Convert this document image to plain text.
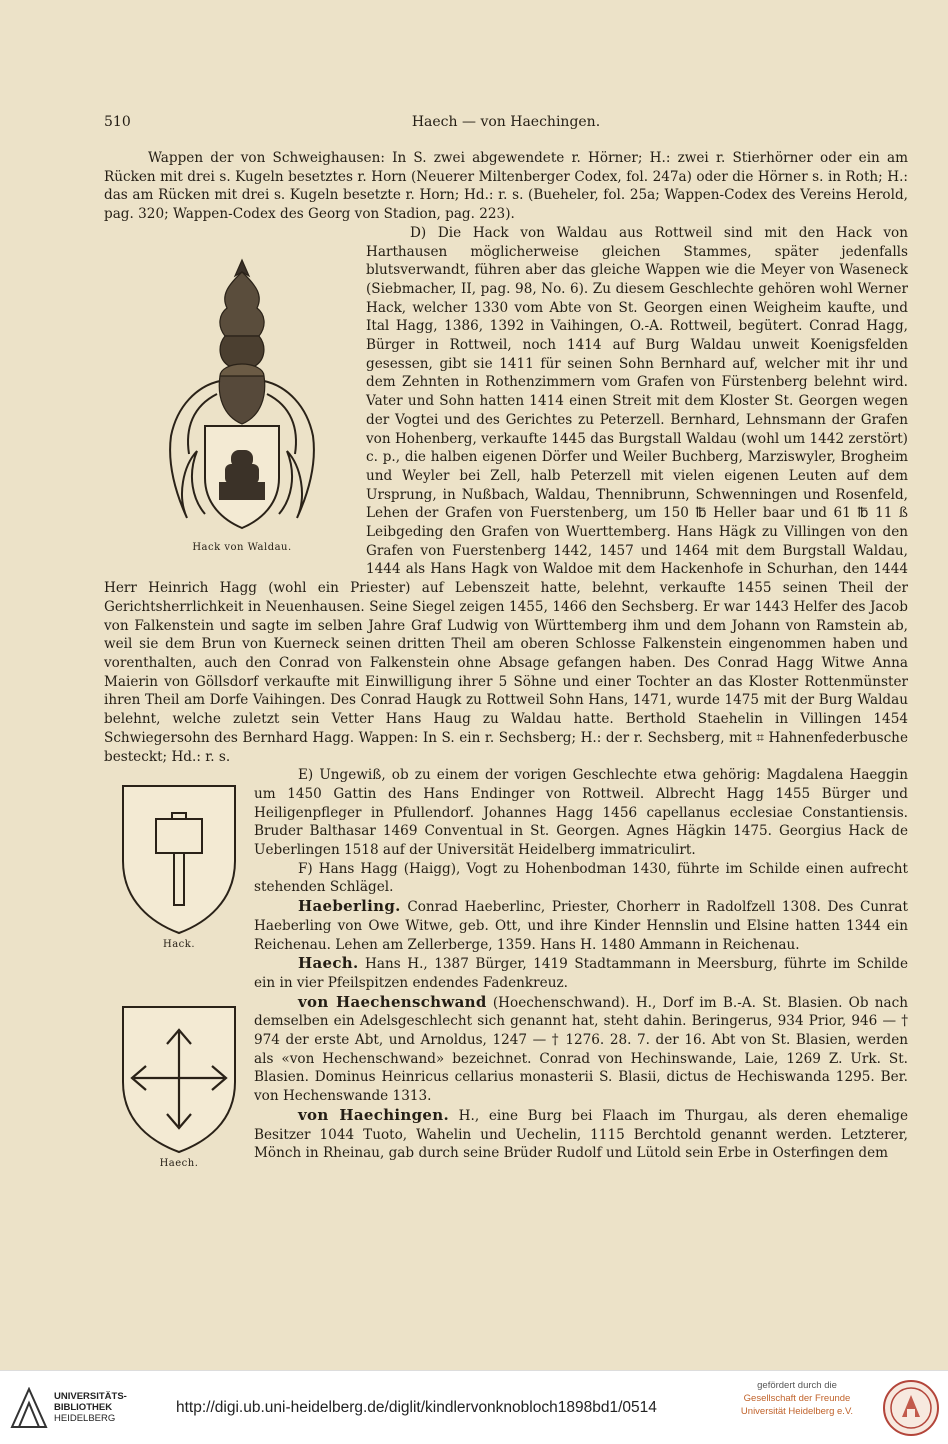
510	Haech — von Haechingen.

Wappen der von Schweighausen: In S. zwei abgewendete r. Hörner; H.: zwei r. Stierhörner oder ein am Rücken mit drei s. Kugeln besetztes r. Horn (Neuerer Miltenberger Codex, fol. 247a) oder die Hörner s. in Roth; H.: das am Rücken mit drei s. Kugeln besetzte r. Horn; Hd.: r. s. (Bueheler, fol. 25a; Wappen-Codex des Vereins Herold, pag. 320; Wappen-Codex des Georg von Stadion, pag. 223).

Hack von Waldau.

D) Die Hack von Waldau aus Rottweil sind mit den Hack von Harthausen möglicherweise gleichen Stammes, später jedenfalls blutsverwandt, führen aber das gleiche Wappen wie die Meyer von Waseneck (Siebmacher, II, pag. 98, No. 6). Zu diesem Geschlechte gehören wohl Werner Hack, welcher 1330 vom Abte von St. Georgen einen Weigheim kaufte, und Ital Hagg, 1386, 1392 in Vaihingen, O.-A. Rottweil, begütert. Conrad Hagg, Bürger in Rottweil, noch 1414 auf Burg Waldau unweit Koenigsfelden gesessen, gibt sie 1411 für seinen Sohn Bernhard auf, welcher mit ihr und dem Zehnten in Rothenzimmern vom Grafen von Fürstenberg belehnt wird. Vater und Sohn hatten 1414 einen Streit mit dem Kloster St. Georgen wegen der Vogtei und des Gerichtes zu Peterzell. Bernhard, Lehnsmann der Grafen von Hohenberg, verkaufte 1445 das Burgstall Waldau (wohl um 1442 zerstört) c. p., die halben eigenen Dörfer und Weiler Buchberg, Marziswyler, Brogheim und Weyler bei Zell, halb Peterzell mit vielen eigenen Leuten auf dem Ursprung, in Nußbach, Waldau, Thennibrunn, Schwenningen und Rosenfeld, Lehen der Grafen von Fuerstenberg, um 150 ℔ Heller baar und 61 ℔ 11 ß Leibgeding den Grafen von Wuerttemberg. Hans Hägk zu Villingen von den Grafen von Fuerstenberg 1442, 1457 und 1464 mit dem Burgstall Waldau, 1444 als Hans Hagk von Waldoe mit dem Hackenhofe in Schurhan, den 1444 Herr Heinrich Hagg (wohl ein Priester) auf Lebenszeit hatte, belehnt, verkaufte 1455 seinen Theil der Gerichtsherrlichkeit in Neuenhausen. Seine Siegel zeigen 1455, 1466 den Sechsberg. Er war 1443 Helfer des Jacob von Falkenstein und sagte im selben Jahre Graf Ludwig von Württemberg ihm und dem Johann von Ramstein ab, weil sie dem Brun von Kuerneck seinen dritten Theil am oberen Schlosse Falkenstein eingenommen haben und vorenthalten, auch den Conrad von Falkenstein ohne Absage gefangen haben. Des Conrad Hagg Witwe Anna Maierin von Göllsdorf verkaufte mit Einwilligung ihrer 5 Söhne und einer Tochter an das Kloster Rottenmünster ihren Theil am Dorfe Vaihingen. Des Conrad Haugk zu Rottweil Sohn Hans, 1471, wurde 1475 mit der Burg Waldau belehnt, welche zuletzt sein Vetter Hans Haug zu Waldau hatte. Berthold Staehelin in Villingen 1454 Schwiegersohn des Bernhard Hagg. Wappen: In S. ein r. Sechsberg; H.: der r. Sechsberg, mit ⌗ Hahnenfederbusche besteckt; Hd.: r. s.

Hack.

E) Ungewiß, ob zu einem der vorigen Geschlechte etwa gehörig: Magdalena Haeggin um 1450 Gattin des Hans Endinger von Rottweil. Albrecht Hagg 1455 Bürger und Heiligenpfleger in Pfullendorf. Johannes Hagg 1456 capellanus ecclesiae Constantiensis. Bruder Balthasar 1469 Conventual in St. Georgen. Agnes Hägkin 1475. Georgius Hack de Ueberlingen 1518 auf der Universität Heidelberg immatriculirt.

F) Hans Hagg (Haigg), Vogt zu Hohenbodman 1430, führte im Schilde einen aufrecht stehenden Schlägel.

Haeberling. Conrad Haeberlinc, Priester, Chorherr in Radolfzell 1308. Des Cunrat Haeberling von Owe Witwe, geb. Ott, und ihre Kinder Hennslin und Elsine hatten 1344 ein Reichenau. Lehen am Zellerberge, 1359. Hans H. 1480 Ammann in Reichenau.

Haech.

Haech. Hans H., 1387 Bürger, 1419 Stadtammann in Meersburg, führte im Schilde ein in vier Pfeilspitzen endendes Fadenkreuz.

von Haechenschwand (Hoechenschwand). H., Dorf im B.-A. St. Blasien. Ob nach demselben ein Adelsgeschlecht sich genannt hat, steht dahin. Beringerus, 934 Prior, 946 — † 974 der erste Abt, und Arnoldus, 1247 — † 1276. 28. 7. der 16. Abt von St. Blasien, werden als «von Hechenschwand» bezeichnet. Conrad von Hechinswande, Laie, 1269 Z. Urk. St. Blasien. Dominus Heinricus cellarius monasterii S. Blasii, dictus de Hechiswanda 1295. Ber. von Hechenswande 1313.

von Haechingen. H., eine Burg bei Flaach im Thurgau, als deren ehemalige Besitzer 1044 Tuoto, Wahelin und Uechelin, 1115 Berchtold genannt werden. Letzterer, Mönch in Rheinau, gab durch seine Brüder Rudolf und Lütold sein Erbe in Osterfingen dem

UNIVERSITÄTS-
BIBLIOTHEK
HEIDELBERG
http://digi.ub.uni-heidelberg.de/diglit/kindlervonknobloch1898bd1/0514
gefördert durch die
Gesellschaft der Freunde
Universität Heidelberg e.V.
